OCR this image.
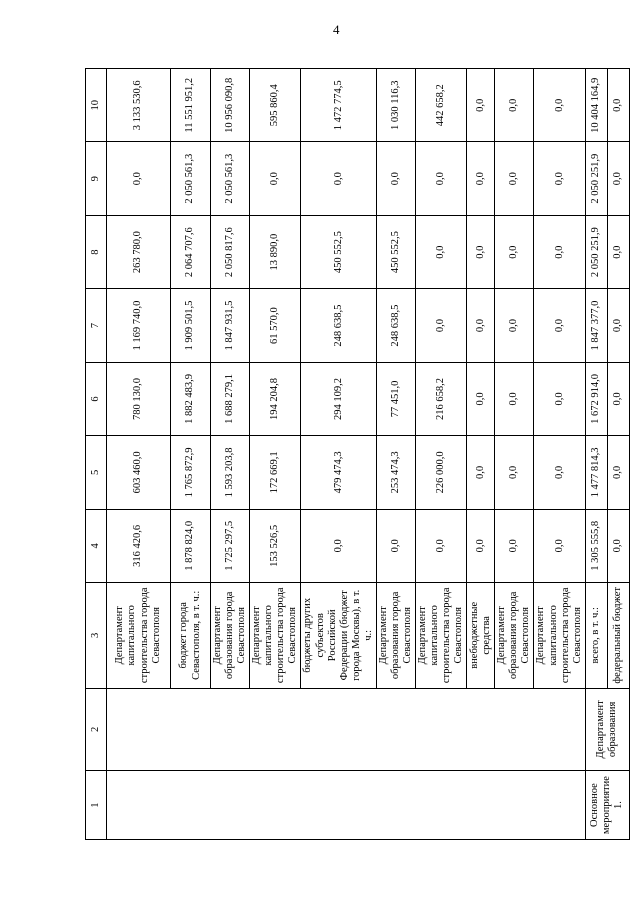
4
1	2	3	4	5	6	7	8	9	10
		Департамент капитального строительства города Севастополя	316 420,6	603 460,0	780 130,0	1 169 740,0	263 780,0	0,0	3 133 530,6
		бюджет города Севастополя, в т. ч.:	1 878 824,0	1 765 872,9	1 882 483,9	1 909 501,5	2 064 707,6	2 050 561,3	11 551 951,2
		Департамент образования города Севастополя	1 725 297,5	1 593 203,8	1 688 279,1	1 847 931,5	2 050 817,6	2 050 561,3	10 956 090,8
		Департамент капитального строительства города Севастополя	153 526,5	172 669,1	194 204,8	61 570,0	13 890,0	0,0	595 860,4
		бюджеты других субъектов Российской Федерации (бюджет города Москвы), в т. ч.:	0,0	479 474,3	294 109,2	248 638,5	450 552,5	0,0	1 472 774,5
		Департамент образования города Севастополя	0,0	253 474,3	77 451,0	248 638,5	450 552,5	0,0	1 030 116,3
		Департамент капитального строительства города Севастополя	0,0	226 000,0	216 658,2	0,0	0,0	0,0	442 658,2
		внебюджетные средства	0,0	0,0	0,0	0,0	0,0	0,0	0,0
		Департамент образования города Севастополя	0,0	0,0	0,0	0,0	0,0	0,0	0,0
		Департамент капитального строительства города Севастополя	0,0	0,0	0,0	0,0	0,0	0,0	0,0
Основное мероприятие 1.	Департамент образования	всего, в т. ч.:	1 305 555,8	1 477 814,3	1 672 914,0	1 847 377,0	2 050 251,9	2 050 251,9	10 404 164,9
		федеральный бюджет	0,0	0,0	0,0	0,0	0,0	0,0	0,0
